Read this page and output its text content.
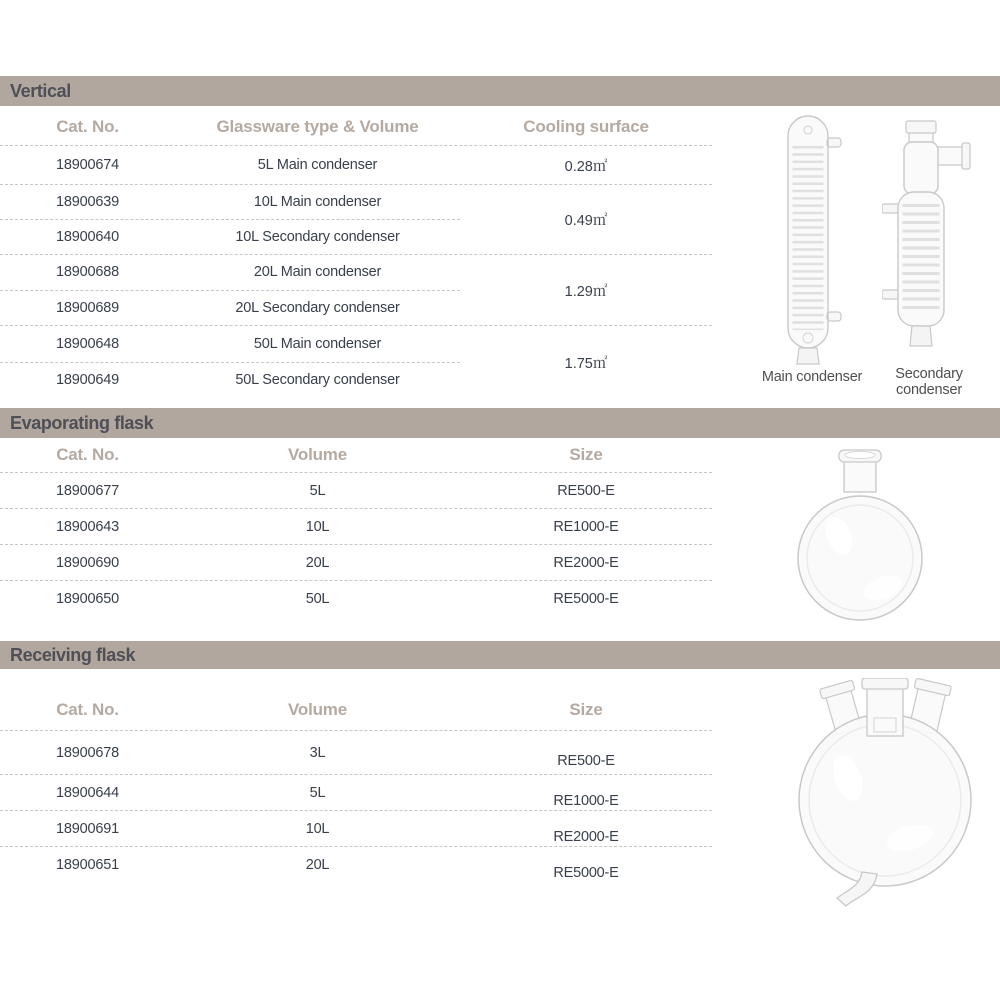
Vertical
Cat. No.	Glassware type & Volume	Cooling surface
18900674	5L Main condenser	0.28㎡
18900639	10L Main condenser
18900640	10L Secondary condenser
0.49㎡
18900688	20L Main condenser
18900689	20L Secondary condenser
1.29㎡
18900648	50L Main condenser
18900649	50L Secondary condenser
1.75㎡
Main condenser	Secondary
condenser
Evaporating flask
Cat. No.	Volume	Size
18900677	5L	RE500-E
18900643	10L	RE1000-E
18900690	20L	RE2000-E
18900650	50L	RE5000-E
Receiving flask
Cat. No.	Volume	Size
18900678	3L	RE500-E
18900644	5L	RE1000-E
18900691	10L	RE2000-E
18900651	20L	RE5000-E
